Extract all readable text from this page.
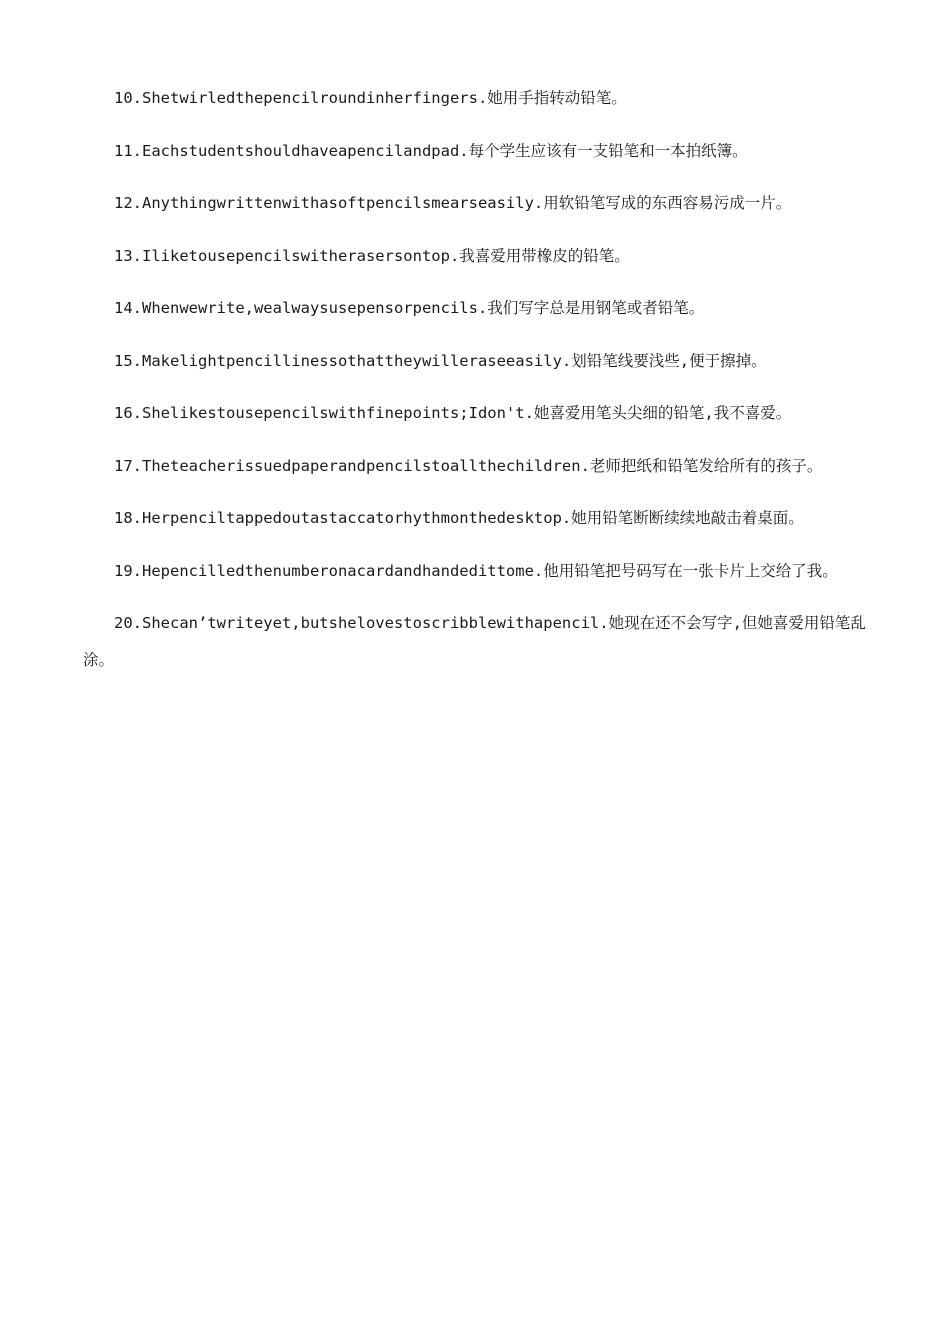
10.Shetwirledthepencilroundinherfingers.她用手指转动铅笔。

11.Eachstudentshouldhaveapencilandpad.每个学生应该有一支铅笔和一本拍纸簿。

12.Anythingwrittenwithasoftpencilsmearseasily.用软铅笔写成的东西容易污成一片。

13.Iliketousepencilswitherasersontop.我喜爱用带橡皮的铅笔。

14.Whenwewrite,wealwaysusepensorpencils.我们写字总是用钢笔或者铅笔。

15.Makelightpencillinessothattheywilleraseeasily.划铅笔线要浅些,便于擦掉。

16.Shelikestousepencilswithfinepoints;Idon't.她喜爱用笔头尖细的铅笔,我不喜爱。

17.Theteacherissuedpaperandpencilstoallthechildren.老师把纸和铅笔发给所有的孩子。

18.Herpenciltappedoutastaccatorhythmonthedesktop.她用铅笔断断续续地敲击着桌面。

19.Hepencilledthenumberonacardandhandedittome.他用铅笔把号码写在一张卡片上交给了我。

20.Shecan’twriteyet,butshelovestoscribblewithapencil.她现在还不会写字,但她喜爱用铅笔乱涂。
